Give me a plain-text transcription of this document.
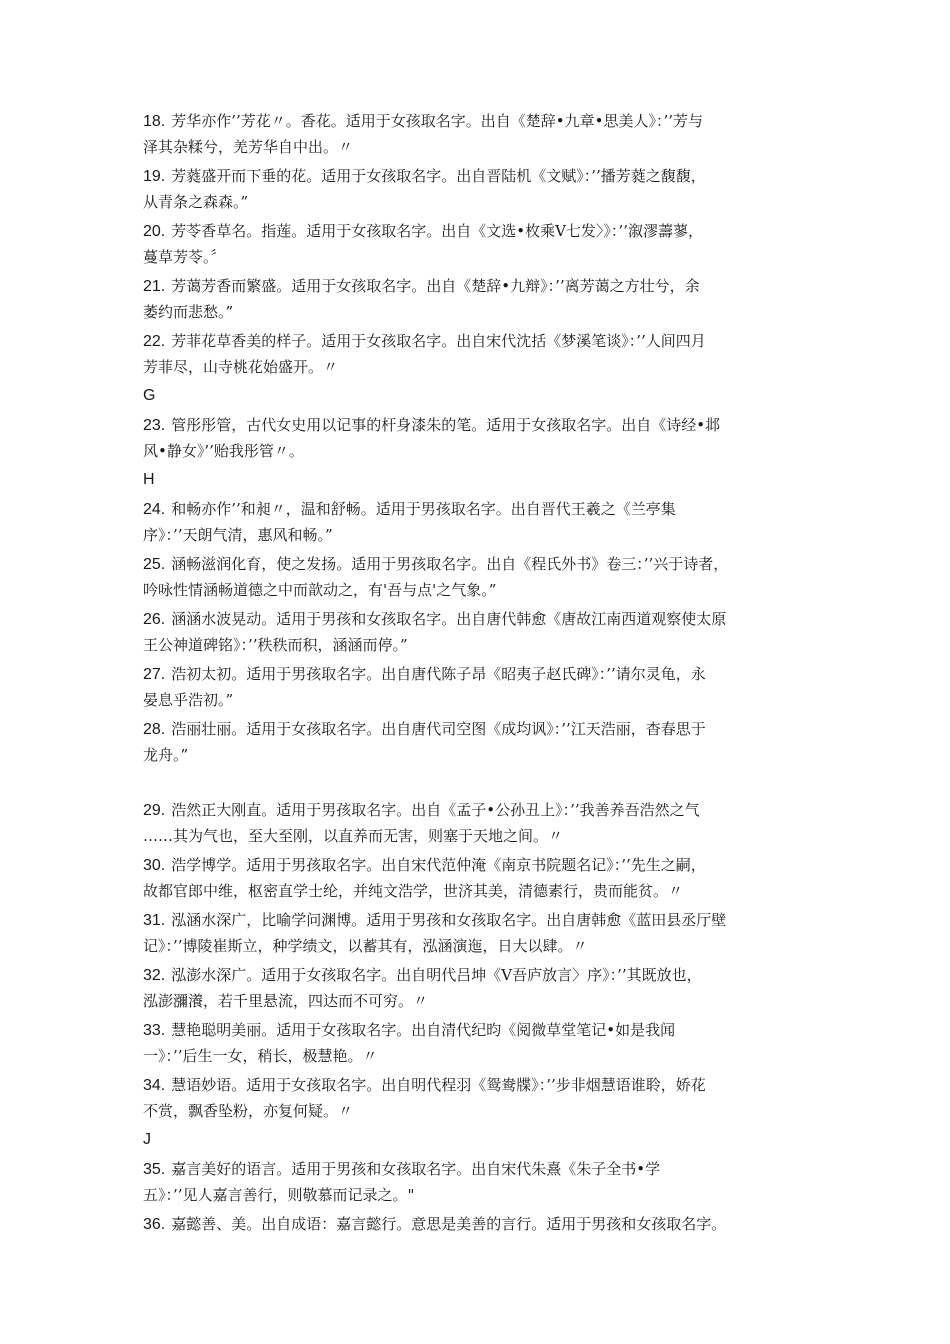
18. 芳华亦作’’芳花〃。香花。适用于女孩取名字。出自《楚辞•九章•思美人》：’’芳与
泽其杂糅兮，羌芳华自中出。〃
19. 芳蕤盛开而下垂的花。适用于女孩取名字。出自晋陆机《文赋》：’’播芳蕤之馥馥，
从青条之森森。”
20. 芳苓香草名。指莲。适用于女孩取名字。出自《文选•枚乘Ⅴ七发〉》：’’溆漻薵蓼，
蔓草芳苓。〞
21. 芳蔼芳香而繁盛。适用于女孩取名字。出自《楚辞•九辩》：’’离芳蔼之方壮兮，余
萎约而悲愁。”
22. 芳菲花草香美的样子。适用于女孩取名字。出自宋代沈括《梦溪笔谈》：’’人间四月
芳菲尽，山寺桃花始盛开。〃
G
23. 管彤彤管，古代女史用以记事的杆身漆朱的笔。适用于女孩取名字。出自《诗经•邶
风•静女》’’贻我彤管〃。
H
24. 和畅亦作’’和昶〃，温和舒畅。适用于男孩取名字。出自晋代王羲之《兰亭集
序》：’’天朗气清，惠风和畅。”
25. 涵畅滋润化育，使之发扬。适用于男孩取名字。出自《程氏外书》卷三：’’兴于诗者，
吟咏性情涵畅道德之中而歆动之，有'吾与点'之气象。”
26. 涵涵水波晃动。适用于男孩和女孩取名字。出自唐代韩愈《唐故江南西道观察使太原
王公神道碑铭》：’’秩秩而积，涵涵而停。”
27. 浩初太初。适用于男孩取名字。出自唐代陈子昂《昭夷子赵氏碑》：’’请尔灵龟，永
晏息乎浩初。”
28. 浩丽壮丽。适用于女孩取名字。出自唐代司空图《成均讽》：’’江天浩丽，杳春思于
龙舟。”
29. 浩然正大刚直。适用于男孩取名字。出自《孟子•公孙丑上》：’’我善养吾浩然之气
……其为气也，至大至刚，以直养而无害，则塞于天地之间。〃
30. 浩学博学。适用于男孩取名字。出自宋代范仲淹《南京书院题名记》：’’先生之嗣，
故都官郎中维，枢密直学士纶，并纯文浩学，世济其美，清德素行，贵而能贫。〃
31. 泓涵水深广，比喻学问渊博。适用于男孩和女孩取名字。出自唐韩愈《蓝田县丞厅壁
记》：’’博陵崔斯立，种学绩文，以蓄其有，泓涵演迤，日大以肆。〃
32. 泓澎水深广。适用于女孩取名字。出自明代吕坤《Ⅴ吾庐放言〉序》：’’其既放也，
泓澎瀰瀁，若千里悬流，四达而不可穷。〃
33. 慧艳聪明美丽。适用于女孩取名字。出自清代纪昀《阅微草堂笔记•如是我闻
一》：’’后生一女，稍长，极慧艳。〃
34. 慧语妙语。适用于女孩取名字。出自明代程羽《鸳鸯牒》：’’步非烟慧语谁聆，娇花
不赏，飘香坠粉，亦复何疑。〃
J
35. 嘉言美好的语言。适用于男孩和女孩取名字。出自宋代朱熹《朱子全书•学
五》：’’见人嘉言善行，则敬慕而记录之。"
36. 嘉懿善、美。出自成语：嘉言懿行。意思是美善的言行。适用于男孩和女孩取名字。
